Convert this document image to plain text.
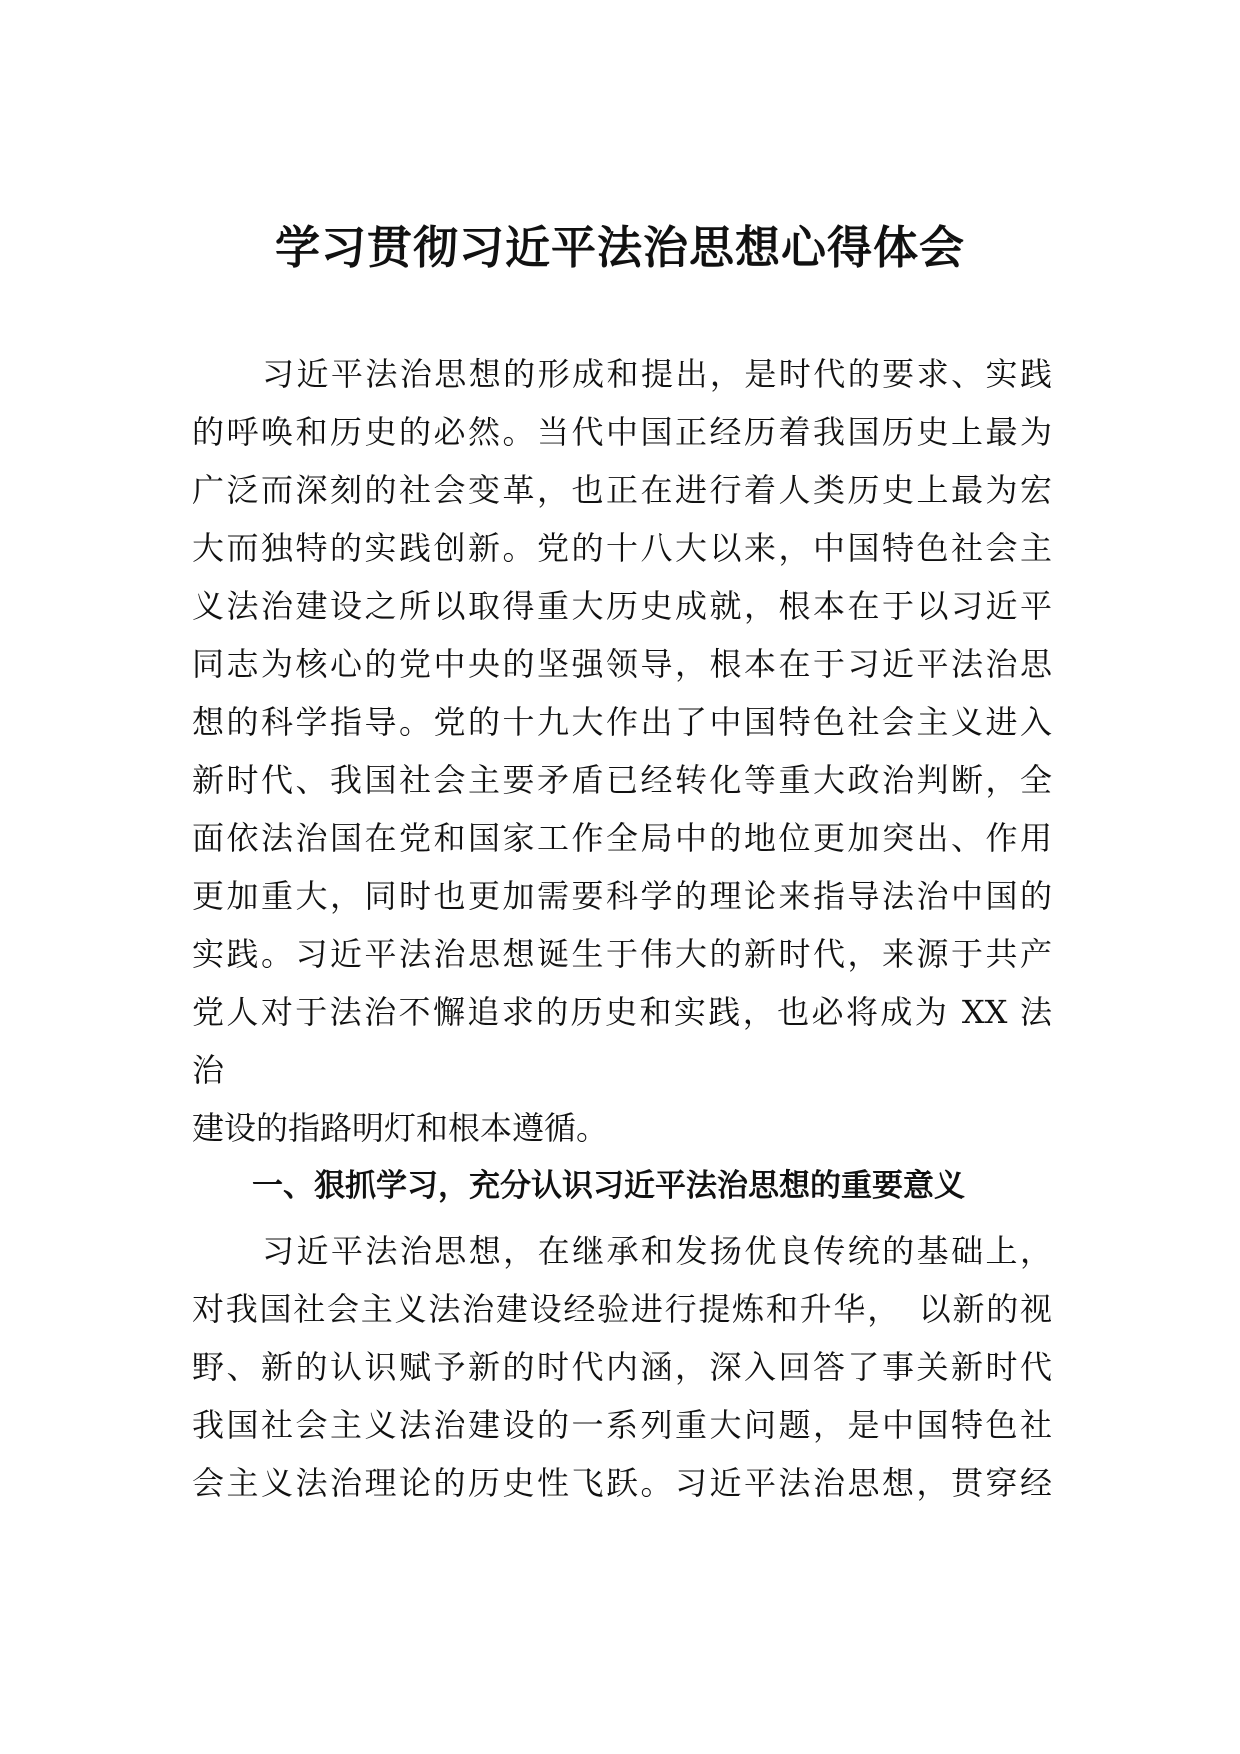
学习贯彻习近平法治思想心得体会

习近平法治思想的形成和提出，是时代的要求、实践

的呼唤和历史的必然。当代中国正经历着我国历史上最为

广泛而深刻的社会变革，也正在进行着人类历史上最为宏

大而独特的实践创新。党的十八大以来，中国特色社会主

义法治建设之所以取得重大历史成就，根本在于以习近平

同志为核心的党中央的坚强领导，根本在于习近平法治思

想的科学指导。党的十九大作出了中国特色社会主义进入

新时代、我国社会主要矛盾已经转化等重大政治判断，全

面依法治国在党和国家工作全局中的地位更加突出、作用

更加重大，同时也更加需要科学的理论来指导法治中国的

实践。习近平法治思想诞生于伟大的新时代，来源于共产

党人对于法治不懈追求的历史和实践，也必将成为 XX 法

治

建设的指路明灯和根本遵循。

一、狠抓学习，充分认识习近平法治思想的重要意义

习近平法治思想，在继承和发扬优良传统的基础上，

对我国社会主义法治建设经验进行提炼和升华，　以新的视

野、新的认识赋予新的时代内涵，深入回答了事关新时代

我国社会主义法治建设的一系列重大问题，是中国特色社

会主义法治理论的历史性飞跃。习近平法治思想，贯穿经
